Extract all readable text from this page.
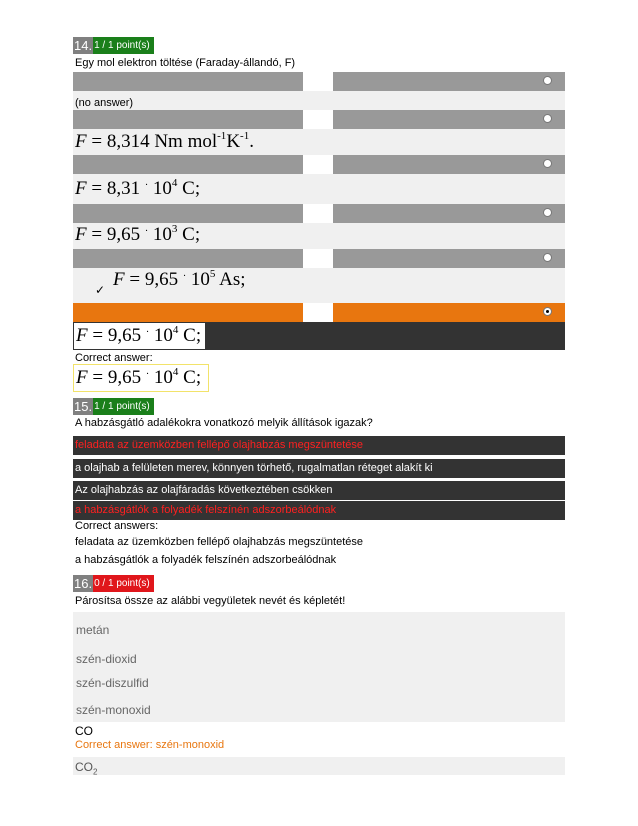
14. 1 / 1 point(s)
Egy mol elektron töltése (Faraday-állandó, F)
(no answer)
F = 8,314 Nm $mol^{-1}K^{-1}$.
F = 8,31 · $10^4$ C;
F = 9,65 · $10^3$ C;
✓ F = 9,65 · $10^5$ As;
F = 9,65 · $10^4$ C;
Correct answer:
F = 9,65 · $10^4$ C;
15. 1 / 1 point(s)
A habzásgátló adalékokra vonatkozó melyik állítások igazak?
feladata az üzemközben fellépő olajhabzás megszüntetése
a olajhab a felületen merev, könnyen törhető, rugalmatlan réteget alakít ki
Az olajhabzás az olajfáradás következtében csökken
a habzásgátlók a folyadék felszínén adszorbeálódnak
Correct answers:
feladata az üzemközben fellépő olajhabzás megszüntetése
a habzásgátlók a folyadék felszínén adszorbeálódnak
16. 0 / 1 point(s)
Párosítsa össze az alábbi vegyületek nevét és képletét!
metán
szén-dioxid
szén-diszulfid
szén-monoxid
CO
Correct answer: szén-monoxid
$CO_2$
